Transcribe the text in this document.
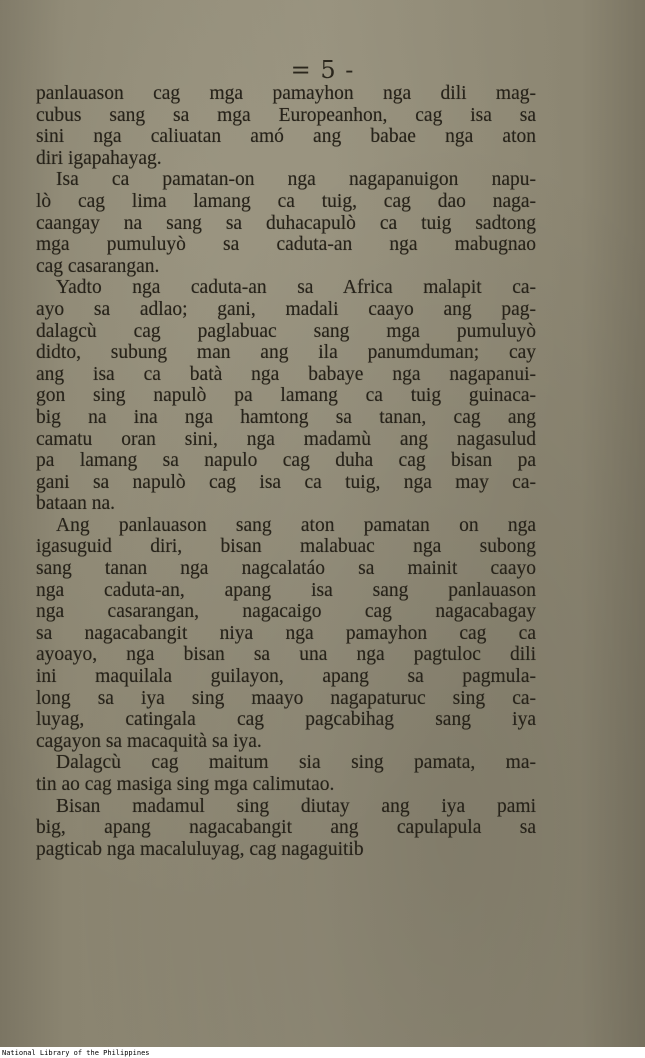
= 5 -
panlauason cag mga pamayhon nga dili mag-
cubus sang sa mga Europeanhon, cag isa sa
sini nga caliuatan amó ang babae nga aton
diri igapahayag.
Isa ca pamatan-on nga nagapanuigon napu-
lò cag lima lamang ca tuig, cag dao naga-
caangay na sang sa duhacapulò ca tuig sadtong
mga pumuluyò sa caduta-an nga mabugnao
cag casarangan.
Yadto nga caduta-an sa Africa malapit ca-
ayo sa adlao; gani, madali caayo ang pag-
dalagcù cag paglabuac sang mga pumuluyò
didto, subung man ang ila panumduman; cay
ang isa ca batà nga babaye nga nagapanui-
gon sing napulò pa lamang ca tuig guinaca-
big na ina nga hamtong sa tanan, cag ang
camatu oran sini, nga madamù ang nagasulud
pa lamang sa napulo cag duha cag bisan pa
gani sa napulò cag isa ca tuig, nga may ca-
bataan na.
Ang panlauason sang aton pamatan on nga
igasuguid diri, bisan malabuac nga subong
sang tanan nga nagcalatáo sa mainit caayo
nga caduta-an, apang isa sang panlauason
nga casarangan, nagacaigo cag nagacabagay
sa nagacabangit niya nga pamayhon cag ca
ayoayo, nga bisan sa una nga pagtuloc dili
ini maquilala guilayon, apang sa pagmula-
long sa iya sing maayo nagapaturuc sing ca-
luyag, catingala cag pagcabihag sang iya
cagayon sa macaquità sa iya.
Dalagcù cag maitum sia sing pamata, ma-
tin ao cag masiga sing mga calimutao.
Bisan madamul sing diutay ang iya pami
big, apang nagacabangit ang capulapula sa
pagticab nga macaluluyag, cag nagaguitib
National Library of the Philippines
